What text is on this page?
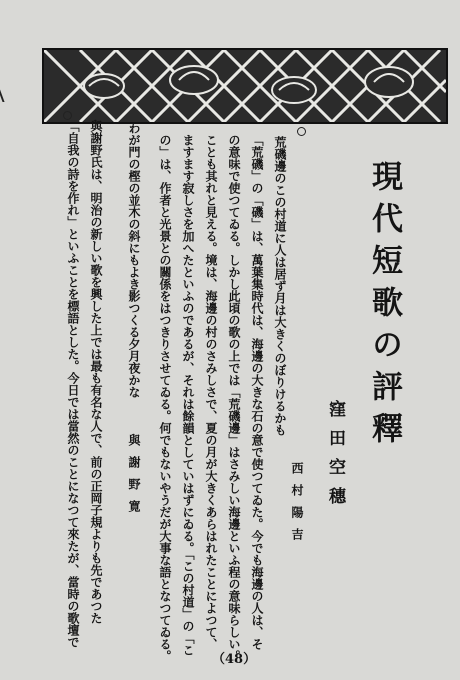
現代短歌の評釋
窪田空穗
西村陽吉
荒磯邊のこの村道に人は居ず月は大きくのぼりけるかも
「荒磯」の「磯」は、萬葉集時代は、海邊の大きな石の意で使つてゐた。今でも海邊の人は、そ
の意味で使つてゐる。しかし此頃の歌の上では「荒磯邊」はさみしい海邊といふ程の意味らしい。
ことも其れと見える。境は、海邊の村のさみしさで、夏の月が大きくあらはれたことによつて、
ますます寂しさを加へたといふのであるが、それは餘韻としていはずにゐる。「この村道」の「こ
の」は、作者と光景との關係をはつきりさせてゐる。何でもないやうだが大事な語となつてゐる。
わが門の樫の並木の斜にもよき影つくる夕月夜かな
與謝野寛
與謝野氏は、明治の新しい歌を興した上では最も有名な人で、前の正岡子規よりも先であつた
「自我の詩を作れ」といふことを標語とした。今日では當然のことになつて來たが、當時の歌壇で
（48）
